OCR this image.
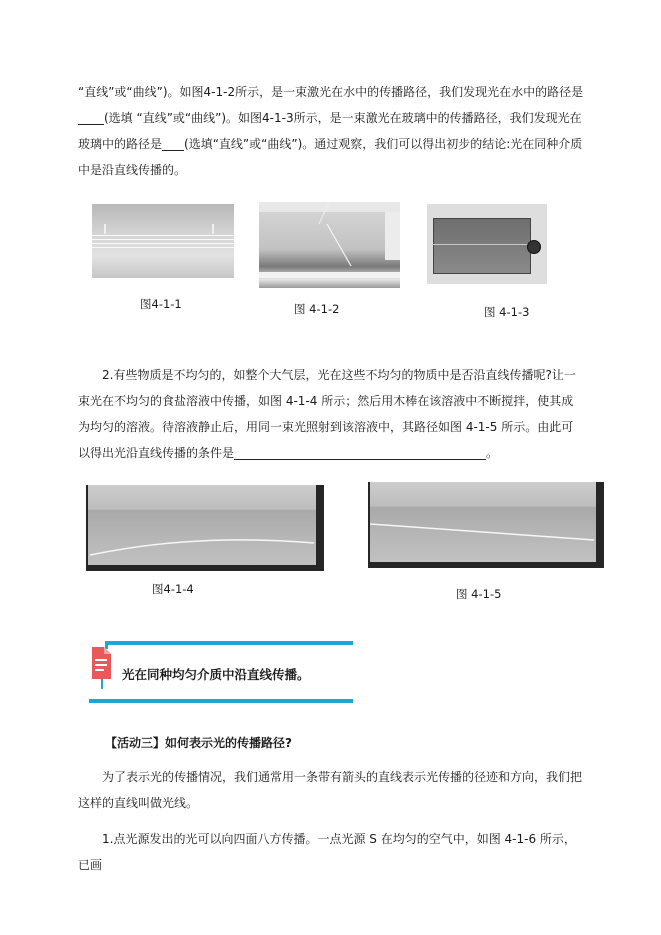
“直线”或“曲线”)。如图4-1-2所示，是一束激光在水中的传播路径，我们发现光在水中的路径是(选填 “直线”或“曲线”)。如图4-1-3所示，是一束激光在玻璃中的传播路径，我们发现光在玻璃中的路径是 (选填“直线”或“曲线”)。通过观察，我们可以得出初步的结论:光在同种介质中是沿直线传播的。

图4-1-1	图 4-1-2	图 4-1-3

2.有些物质是不均匀的，如整个大气层，光在这些不均匀的物质中是否沿直线传播呢?让一束光在不均匀的食盐溶液中传播，如图 4-1-4 所示；然后用木棒在该溶液中不断搅拌，使其成为均匀的溶液。待溶液静止后，用同一束光照射到该溶液中，其路径如图 4-1-5 所示。由此可以得出光沿直线传播的条件是	。

图4-1-4	图 4-1-5
光在同种均匀介质中沿直线传播。
【活动三】如何表示光的传播路径?

为了表示光的传播情况，我们通常用一条带有箭头的直线表示光传播的径迹和方向，我们把这样的直线叫做光线。

1.点光源发出的光可以向四面八方传播。一点光源 S 在均匀的空气中，如图 4-1-6 所示，已画
